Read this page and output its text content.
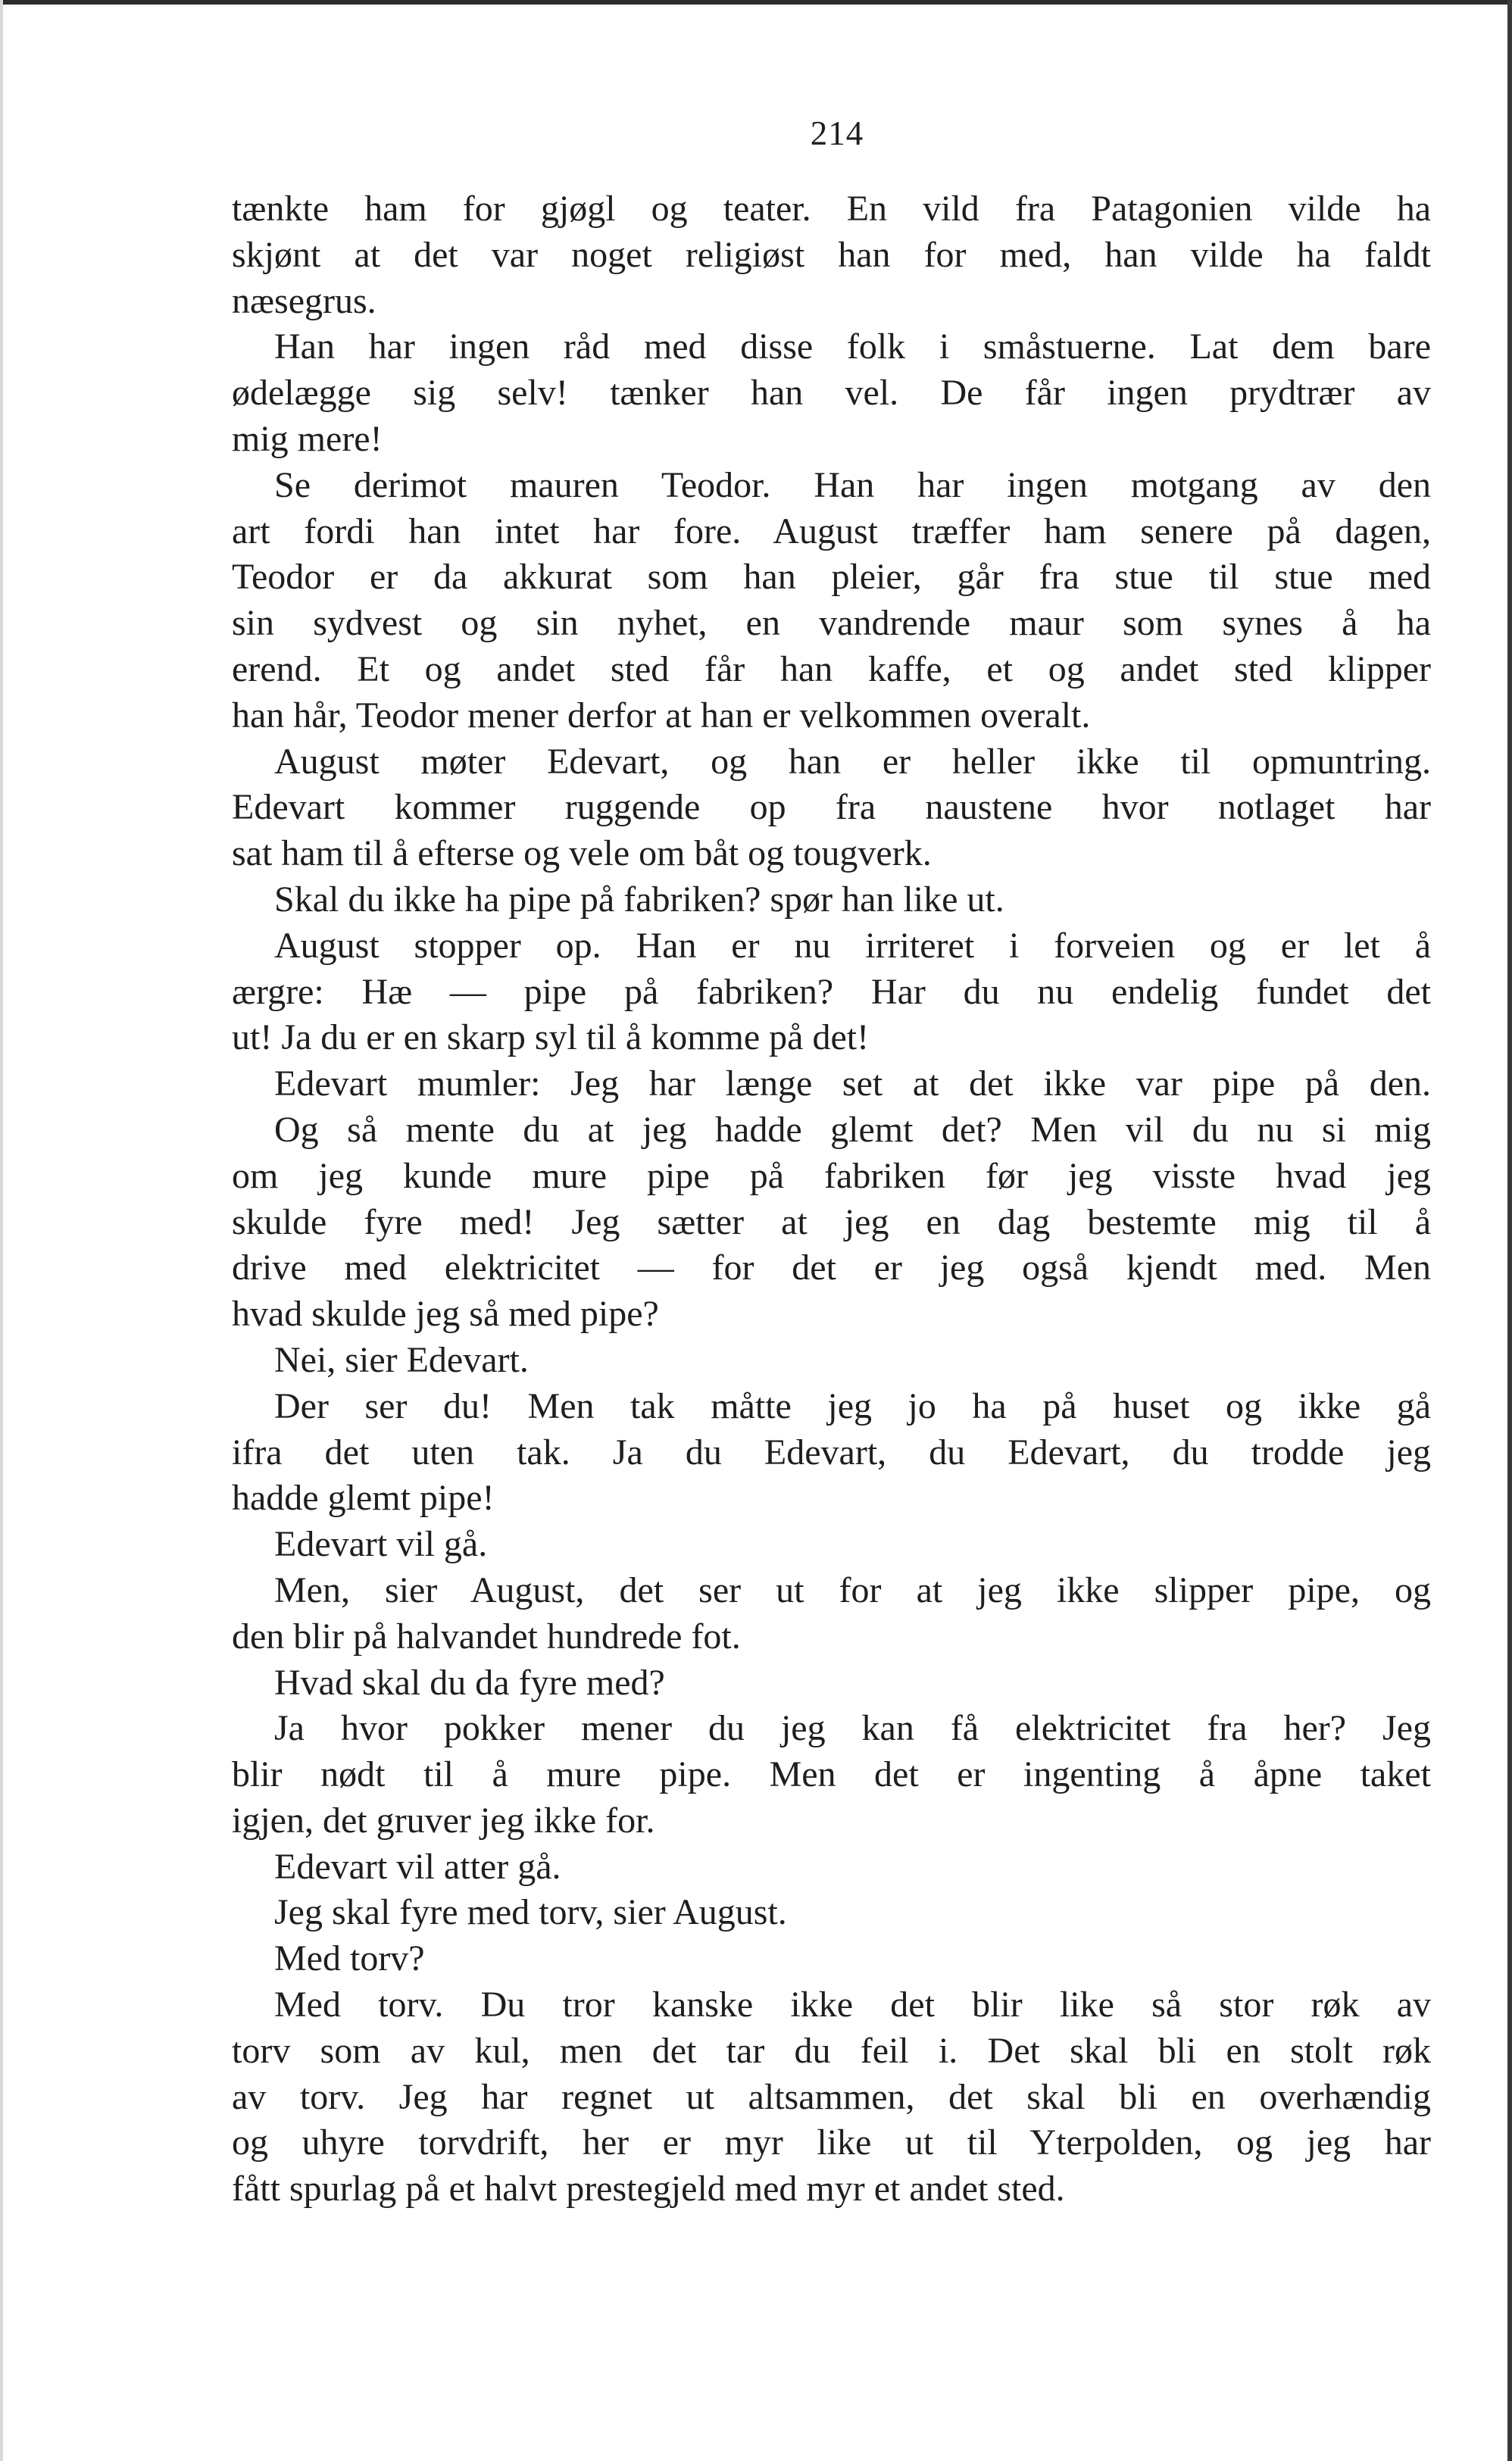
214
tænkte ham for gjøgl og teater. En vild fra Patagonien vilde ha
skjønt at det var noget religiøst han for med, han vilde ha faldt
næsegrus.
Han har ingen råd med disse folk i småstuerne. Lat dem bare
ødelægge sig selv! tænker han vel. De får ingen prydtrær av
mig mere!
Se derimot mauren Teodor. Han har ingen motgang av den
art fordi han intet har fore. August træffer ham senere på dagen,
Teodor er da akkurat som han pleier, går fra stue til stue med
sin sydvest og sin nyhet, en vandrende maur som synes å ha
erend. Et og andet sted får han kaffe, et og andet sted klipper
han hår, Teodor mener derfor at han er velkommen overalt.
August møter Edevart, og han er heller ikke til opmuntring.
Edevart kommer ruggende op fra naustene hvor notlaget har
sat ham til å efterse og vele om båt og tougverk.
Skal du ikke ha pipe på fabriken? spør han like ut.
August stopper op. Han er nu irriteret i forveien og er let å
ærgre: Hæ — pipe på fabriken? Har du nu endelig fundet det
ut! Ja du er en skarp syl til å komme på det!
Edevart mumler: Jeg har længe set at det ikke var pipe på den.
Og så mente du at jeg hadde glemt det? Men vil du nu si mig
om jeg kunde mure pipe på fabriken før jeg visste hvad jeg
skulde fyre med! Jeg sætter at jeg en dag bestemte mig til å
drive med elektricitet — for det er jeg også kjendt med. Men
hvad skulde jeg så med pipe?
Nei, sier Edevart.
Der ser du! Men tak måtte jeg jo ha på huset og ikke gå
ifra det uten tak. Ja du Edevart, du Edevart, du trodde jeg
hadde glemt pipe!
Edevart vil gå.
Men, sier August, det ser ut for at jeg ikke slipper pipe, og
den blir på halvandet hundrede fot.
Hvad skal du da fyre med?
Ja hvor pokker mener du jeg kan få elektricitet fra her? Jeg
blir nødt til å mure pipe. Men det er ingenting å åpne taket
igjen, det gruver jeg ikke for.
Edevart vil atter gå.
Jeg skal fyre med torv, sier August.
Med torv?
Med torv. Du tror kanske ikke det blir like så stor røk av
torv som av kul, men det tar du feil i. Det skal bli en stolt røk
av torv. Jeg har regnet ut altsammen, det skal bli en overhændig
og uhyre torvdrift, her er myr like ut til Yterpolden, og jeg har
fått spurlag på et halvt prestegjeld med myr et andet sted.
